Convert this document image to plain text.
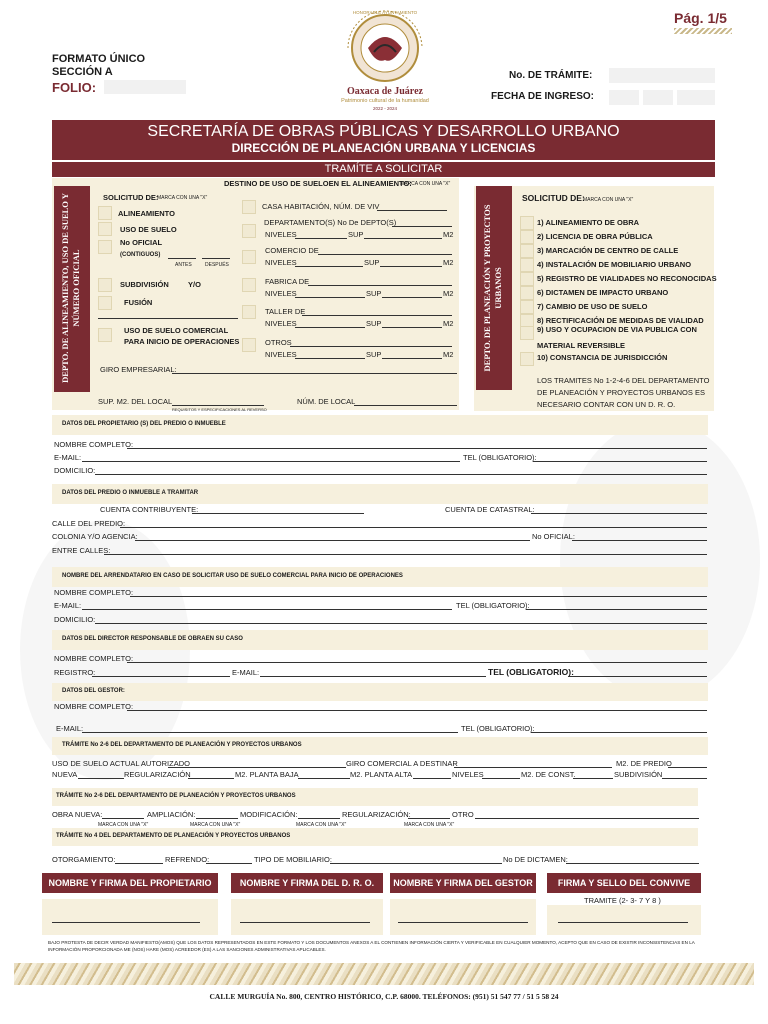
Pág. 1/5
FORMATO ÚNICO
SECCIÓN A
FOLIO:
HONORABLE AYUNTAMIENTO
Oaxaca de Juárez
Patrimonio cultural de la humanidad
2022 - 2024
No. DE TRÁMITE:
FECHA DE INGRESO:
SECRETARÍA DE OBRAS PÚBLICAS Y DESARROLLO URBANO
DIRECCIÓN DE PLANEACIÓN URBANA Y LICENCIAS
TRAMÍTE A SOLICITAR
DEPTO. DE ALINEAMIENTO, USO DE SUELO Y NÚMERO OFICIAL
DESTINO DE USO DE SUELOEN EL ALINEAMIENTO:
MARCA CON UNA "X"
SOLICITUD DE:
MARCA CON UNA "X"
ALINEAMIENTO
USO DE SUELO
No OFICIAL
(CONTIGUOS)
ANTES	DESPUÉS
SUBDIVISIÓN	Y/O
FUSIÓN
USO DE SUELO COMERCIAL
PARA INICIO DE OPERACIONES
CASA HABITACIÓN, NÚM. DE VIV
DEPARTAMENTO(S) No De DEPTO(S)
NIVELES	SUP	M2
COMERCIO DE
NIVELES	SUP	M2
FABRICA DE
NIVELES	SUP	M2
TALLER DE
NIVELES	SUP	M2
OTROS
NIVELES	SUP	M2
GIRO EMPRESARIAL:
SUP. M2. DEL LOCAL
REQUISITOS Y ESPECIFICACIONES AL REVERSO
NÚM. DE LOCAL
DEPTO. DE PLANEACIÓN Y PROYECTOS URBANOS
SOLICITUD DE:
MARCA CON UNA "X"
1) ALINEAMIENTO DE OBRA
2) LICENCIA DE OBRA PÚBLICA
3) MARCACIÓN DE CENTRO DE CALLE
4) INSTALACIÓN DE MOBILIARIO URBANO
5) REGISTRO DE VIALIDADES NO RECONOCIDAS
6) DICTAMEN DE IMPACTO URBANO
7) CAMBIO DE USO DE SUELO
8) RECTIFICACIÓN DE MEDIDAS DE VIALIDAD
9) USO Y OCUPACION DE VIA PUBLICA CON
MATERIAL REVERSIBLE
10) CONSTANCIA DE JURISDICCIÓN
LOS TRAMITES No 1-2-4-6 DEL DEPARTAMENTO
DE PLANEACIÓN Y PROYECTOS URBANOS ES
NECESARIO CONTAR CON UN D. R. O.
DATOS DEL PROPIETARIO (S) DEL PREDIO O INMUEBLE
NOMBRE COMPLETO:
E-MAIL:	TEL (OBLIGATORIO):
DOMICILIO:
DATOS DEL PREDIO O INMUEBLE A TRAMITAR
CUENTA CONTRIBUYENTE:	CUENTA DE CATASTRAL:
CALLE DEL PREDIO:
COLONIA Y/O AGENCIA:	No OFICIAL:
ENTRE CALLES:
NOMBRE DEL ARRENDATARIO EN CASO DE SOLICITAR USO DE SUELO COMERCIAL PARA INICIO DE OPERACIONES
NOMBRE COMPLETO:
E-MAIL:	TEL (OBLIGATORIO):
DOMICILIO:
DATOS DEL DIRECTOR RESPONSABLE DE OBRAEN SU CASO
NOMBRE COMPLETO:
REGISTRO:	E-MAIL:	TEL (OBLIGATORIO):
DATOS DEL GESTOR:
NOMBRE COMPLETO:
E-MAIL:	TEL (OBLIGATORIO):
TRÁMITE No 2-6 DEL DEPARTAMENTO DE PLANEACIÓN Y PROYECTOS URBANOS
USO DE SUELO ACTUAL AUTORIZADO	GIRO COMERCIAL A DESTINAR	M2. DE PREDIO
NUEVA	REGULARIZACIÓN	M2. PLANTA BAJA	M2. PLANTA ALTA	NIVELES	M2. DE CONST.	SUBDIVISIÓN
TRÁMITE No 2-6 DEL DEPARTAMENTO DE PLANEACIÓN Y PROYECTOS URBANOS
OBRA NUEVA:	AMPLIACIÓN:	MODIFICACIÓN:	REGULARIZACIÓN:	OTRO
MARCA CON UNA "X"	MARCA CON UNA "X"	MARCA CON UNA "X"	MARCA CON UNA "X"
TRÁMITE No 4 DEL DEPARTAMENTO DE PLANEACIÓN Y PROYECTOS URBANOS
OTORGAMIENTO:	REFRENDO:	TIPO DE MOBILIARIO:	No DE DICTAMEN:
NOMBRE Y FIRMA DEL PROPIETARIO	NOMBRE Y FIRMA DEL D. R. O.	NOMBRE Y FIRMA DEL GESTOR	FIRMA Y SELLO DEL CONVIVE
TRAMITE (2- 3- 7 Y 8 )
BAJO PROTESTA DE DECIR VERDAD MANIFIESTO(AMOS) QUE LOS DATOS REPRESENTADOS EN ESTE FORMATO Y LOS DOCUMENTOS ANEXOS A EL CONTIENEN INFORMACIÓN CIERTA Y VERIFICABLE EN CUALQUIER MOMENTO, ACEPTO QUE EN CASO DE EXISTIR INCONSISTENCIAS EN LA INFORMACIÓN PROPORCIONADA ME (NOS) HARE (MOS) ACREEDOR (ES) A LAS SANCIONES ADMINISTRATIVAS APLICABLES.
CALLE MURGUÍA No. 800, CENTRO HISTÓRICO, C.P. 68000. TELÉFONOS: (951) 51 547 77 / 51 5 58 24
